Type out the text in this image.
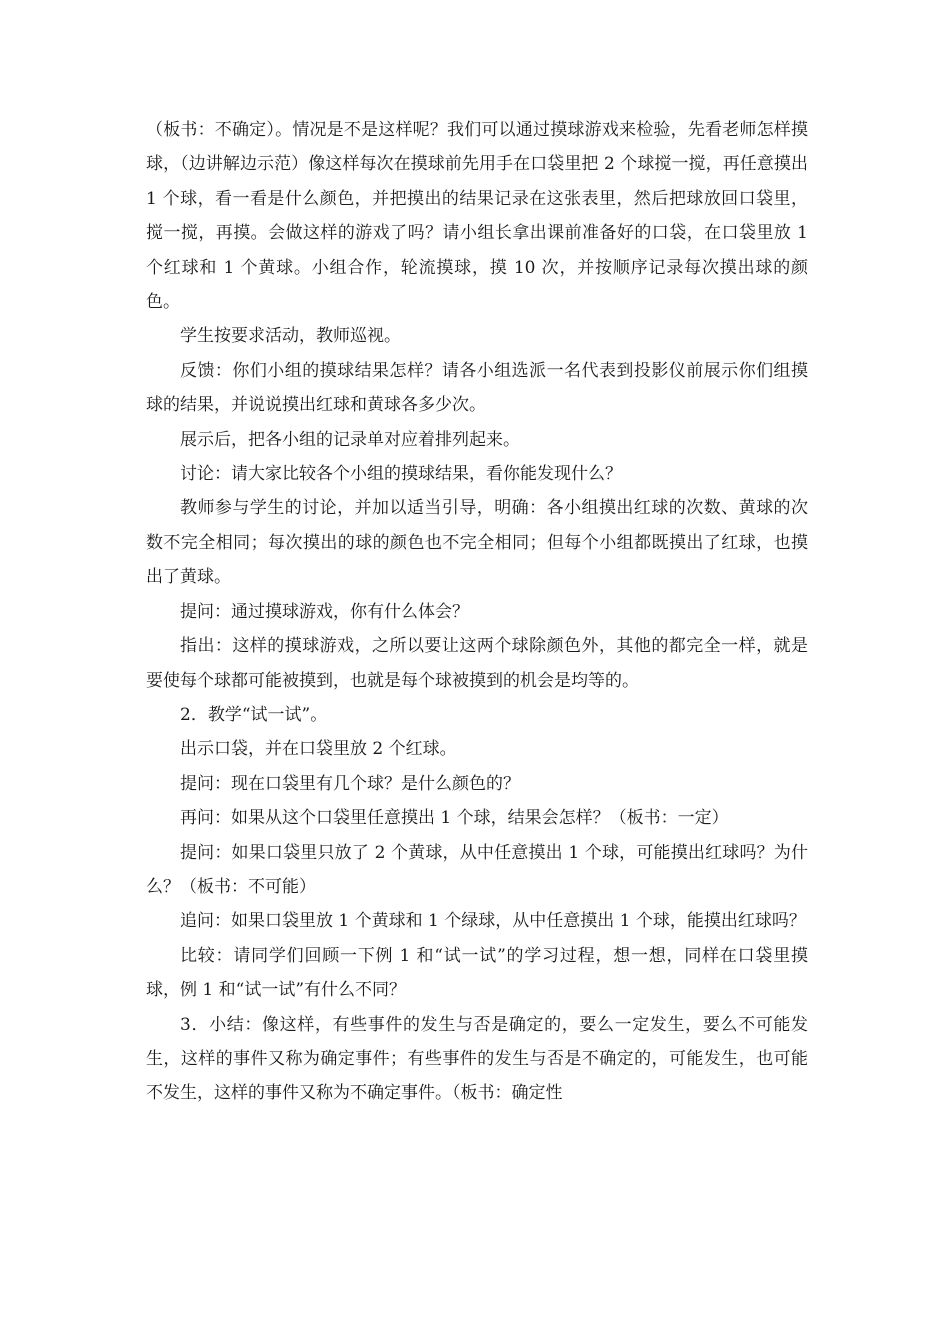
（板书：不确定）。情况是不是这样呢？我们可以通过摸球游戏来检验，先看老师怎样摸球，（边讲解边示范）像这样每次在摸球前先用手在口袋里把 2 个球搅一搅，再任意摸出 1 个球，看一看是什么颜色，并把摸出的结果记录在这张表里，然后把球放回口袋里，搅一搅，再摸。会做这样的游戏了吗？请小组长拿出课前准备好的口袋，在口袋里放 1 个红球和 1 个黄球。小组合作，轮流摸球，摸 10 次，并按顺序记录每次摸出球的颜色。

学生按要求活动，教师巡视。

反馈：你们小组的摸球结果怎样？请各小组选派一名代表到投影仪前展示你们组摸球的结果，并说说摸出红球和黄球各多少次。

展示后，把各小组的记录单对应着排列起来。

讨论：请大家比较各个小组的摸球结果，看你能发现什么？

教师参与学生的讨论，并加以适当引导，明确：各小组摸出红球的次数、黄球的次数不完全相同；每次摸出的球的颜色也不完全相同；但每个小组都既摸出了红球，也摸出了黄球。

提问：通过摸球游戏，你有什么体会？

指出：这样的摸球游戏，之所以要让这两个球除颜色外，其他的都完全一样，就是要使每个球都可能被摸到，也就是每个球被摸到的机会是均等的。

2．教学“试一试”。

出示口袋，并在口袋里放 2 个红球。

提问：现在口袋里有几个球？是什么颜色的？

再问：如果从这个口袋里任意摸出 1 个球，结果会怎样？（板书：一定）

提问：如果口袋里只放了 2 个黄球，从中任意摸出 1 个球，可能摸出红球吗？为什么？（板书：不可能）

追问：如果口袋里放 1 个黄球和 1 个绿球，从中任意摸出 1 个球，能摸出红球吗？

比较：请同学们回顾一下例 1 和“试一试”的学习过程，想一想，同样在口袋里摸球，例 1 和“试一试”有什么不同？

3．小结：像这样，有些事件的发生与否是确定的，要么一定发生，要么不可能发生，这样的事件又称为确定事件；有些事件的发生与否是不确定的，可能发生，也可能不发生，这样的事件又称为不确定事件。（板书：确定性
